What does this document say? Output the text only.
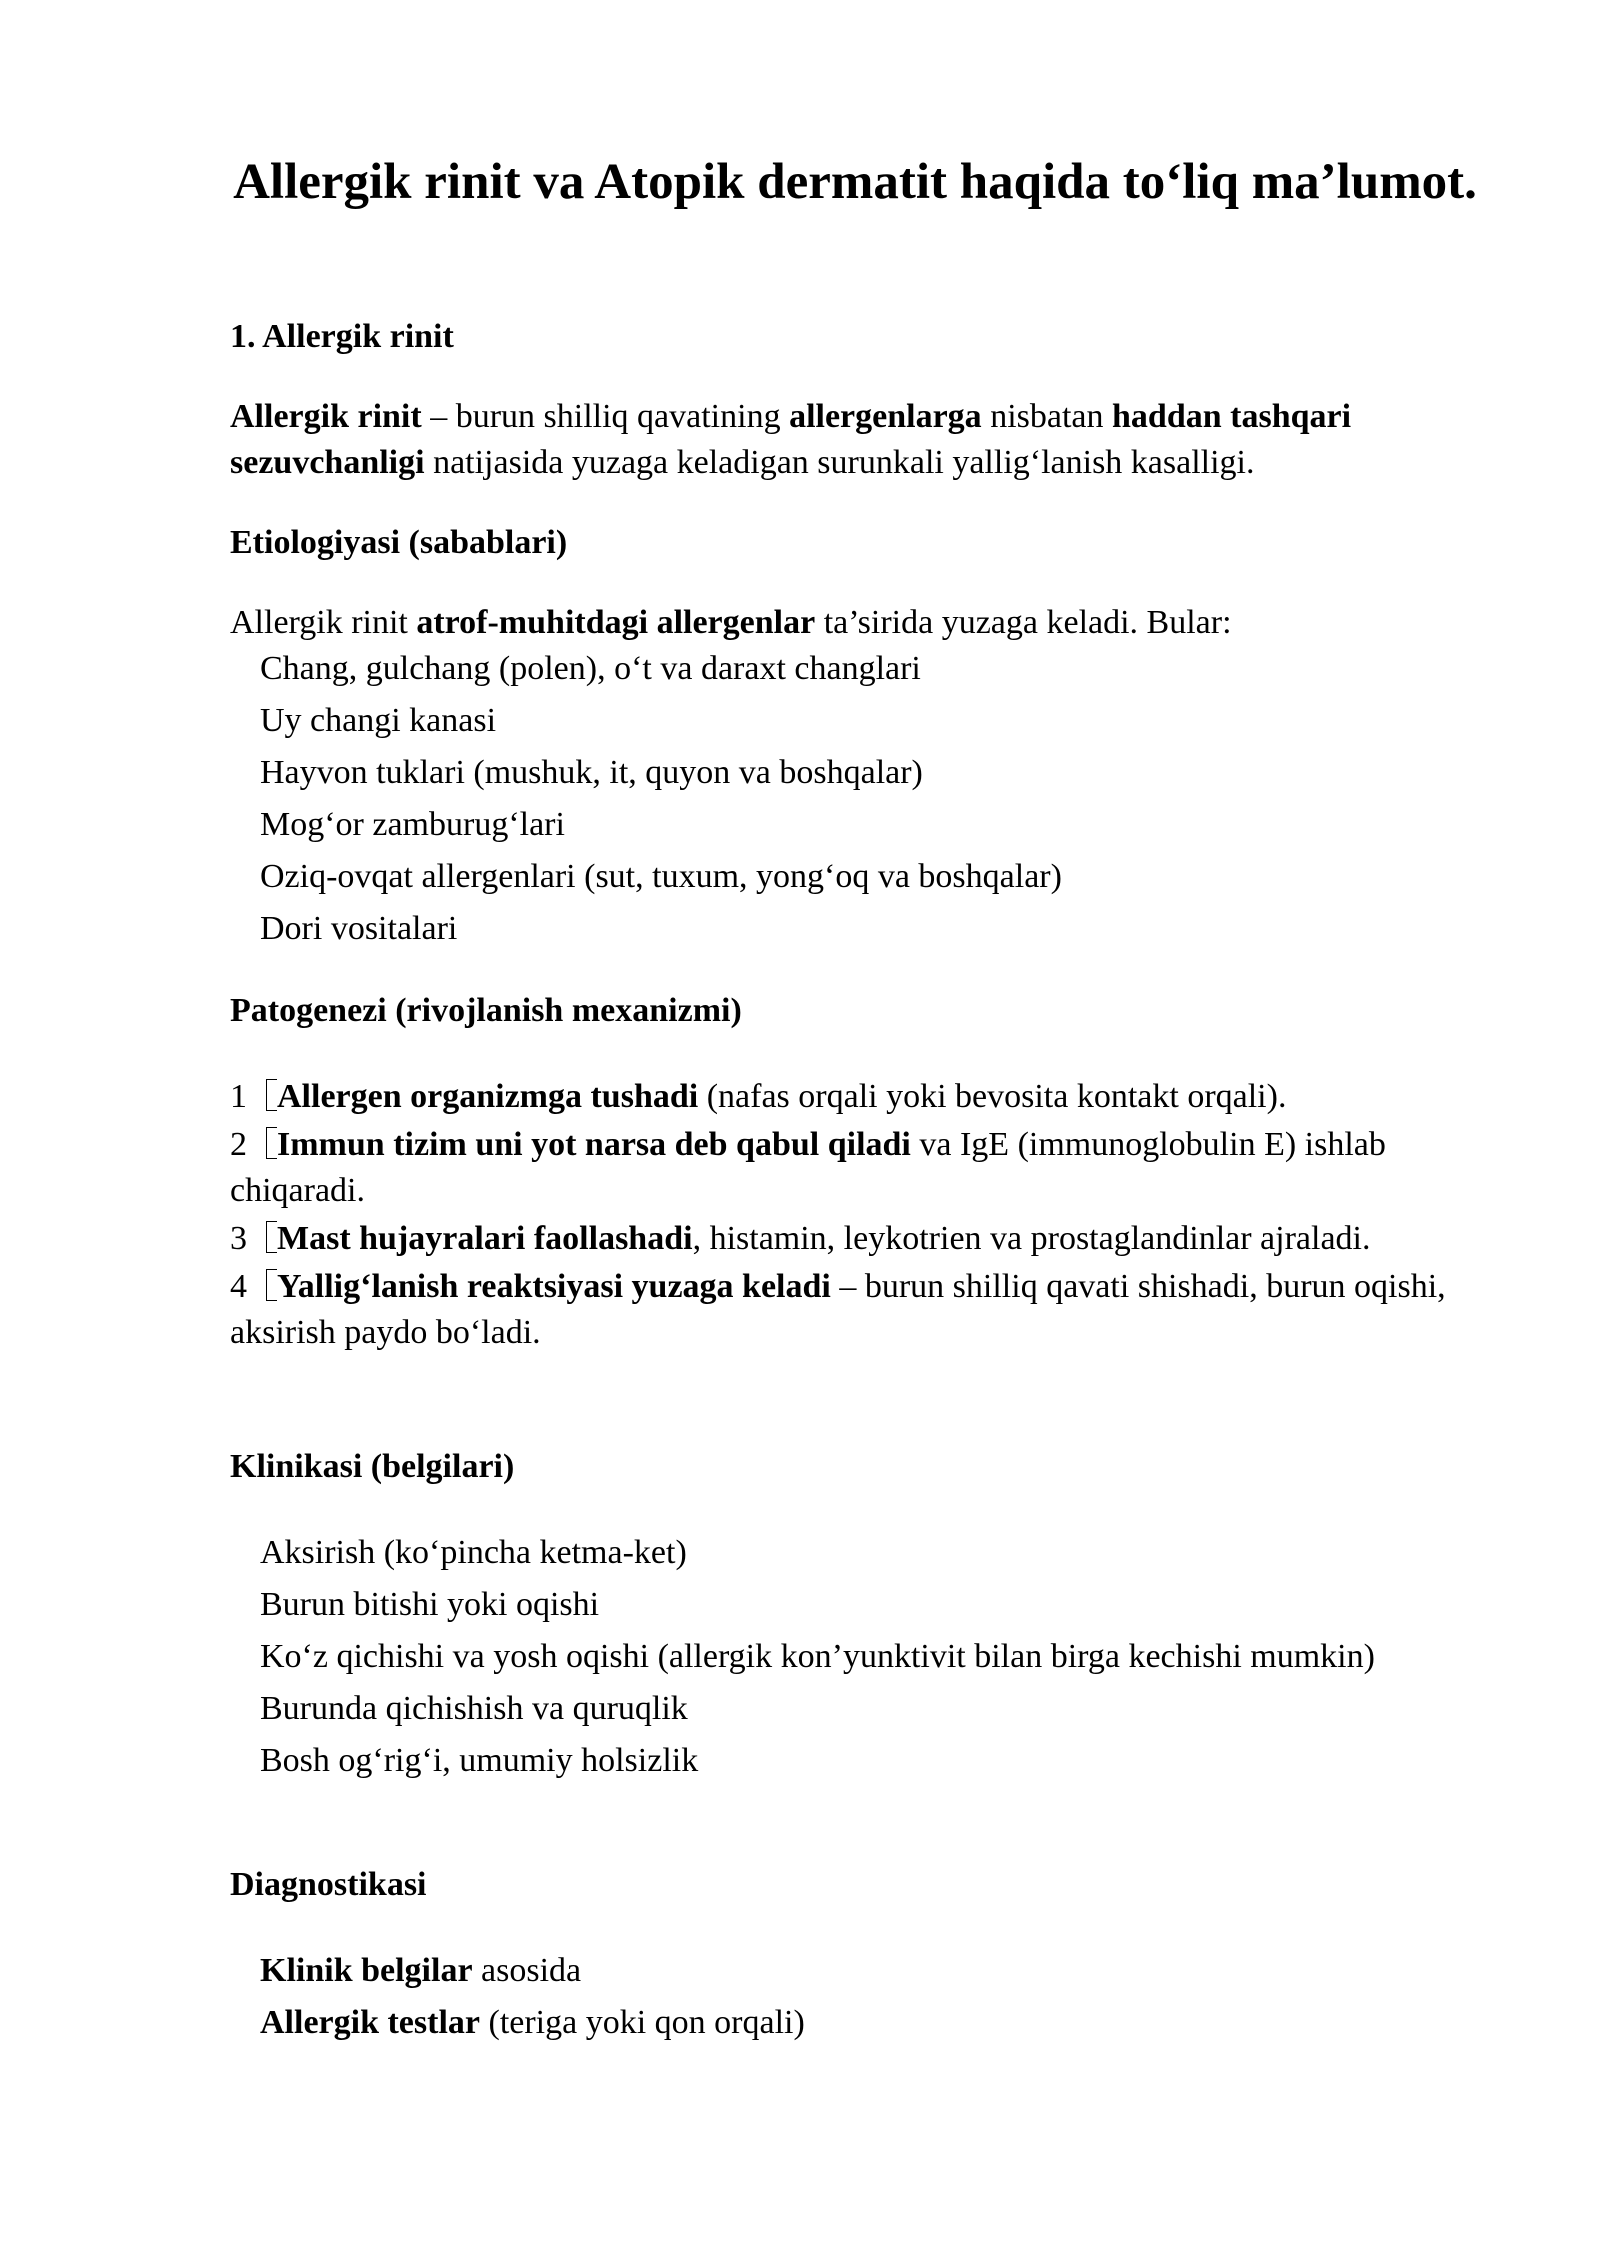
Allergik rinit va Atopik dermatit haqida to‘liq ma’lumot.
1. Allergik rinit
Allergik rinit – burun shilliq qavatining allergenlarga nisbatan haddan tashqari sezuvchanligi natijasida yuzaga keladigan surunkali yallig‘lanish kasalligi.
Etiologiyasi (sabablari)
Allergik rinit atrof-muhitdagi allergenlar ta’sirida yuzaga keladi. Bular:
Chang, gulchang (polen), o‘t va daraxt changlari
Uy changi kanasi
Hayvon tuklari (mushuk, it, quyon va boshqalar)
Mog‘or zamburug‘lari
Oziq-ovqat allergenlari (sut, tuxum, yong‘oq va boshqalar)
Dori vositalari
Patogenezi (rivojlanish mexanizmi)
1 Allergen organizmga tushadi (nafas orqali yoki bevosita kontakt orqali).
2 Immun tizim uni yot narsa deb qabul qiladi va IgE (immunoglobulin E) ishlab chiqaradi.
3 Mast hujayralari faollashadi, histamin, leykotrien va prostaglandinlar ajraladi.
4 Yallig‘lanish reaktsiyasi yuzaga keladi – burun shilliq qavati shishadi, burun oqishi, aksirish paydo bo‘ladi.
Klinikasi (belgilari)
Aksirish (ko‘pincha ketma-ket)
Burun bitishi yoki oqishi
Ko‘z qichishi va yosh oqishi (allergik kon’yunktivit bilan birga kechishi mumkin)
Burunda qichishish va quruqlik
Bosh og‘rig‘i, umumiy holsizlik
Diagnostikasi
Klinik belgilar asosida
Allergik testlar (teriga yoki qon orqali)
